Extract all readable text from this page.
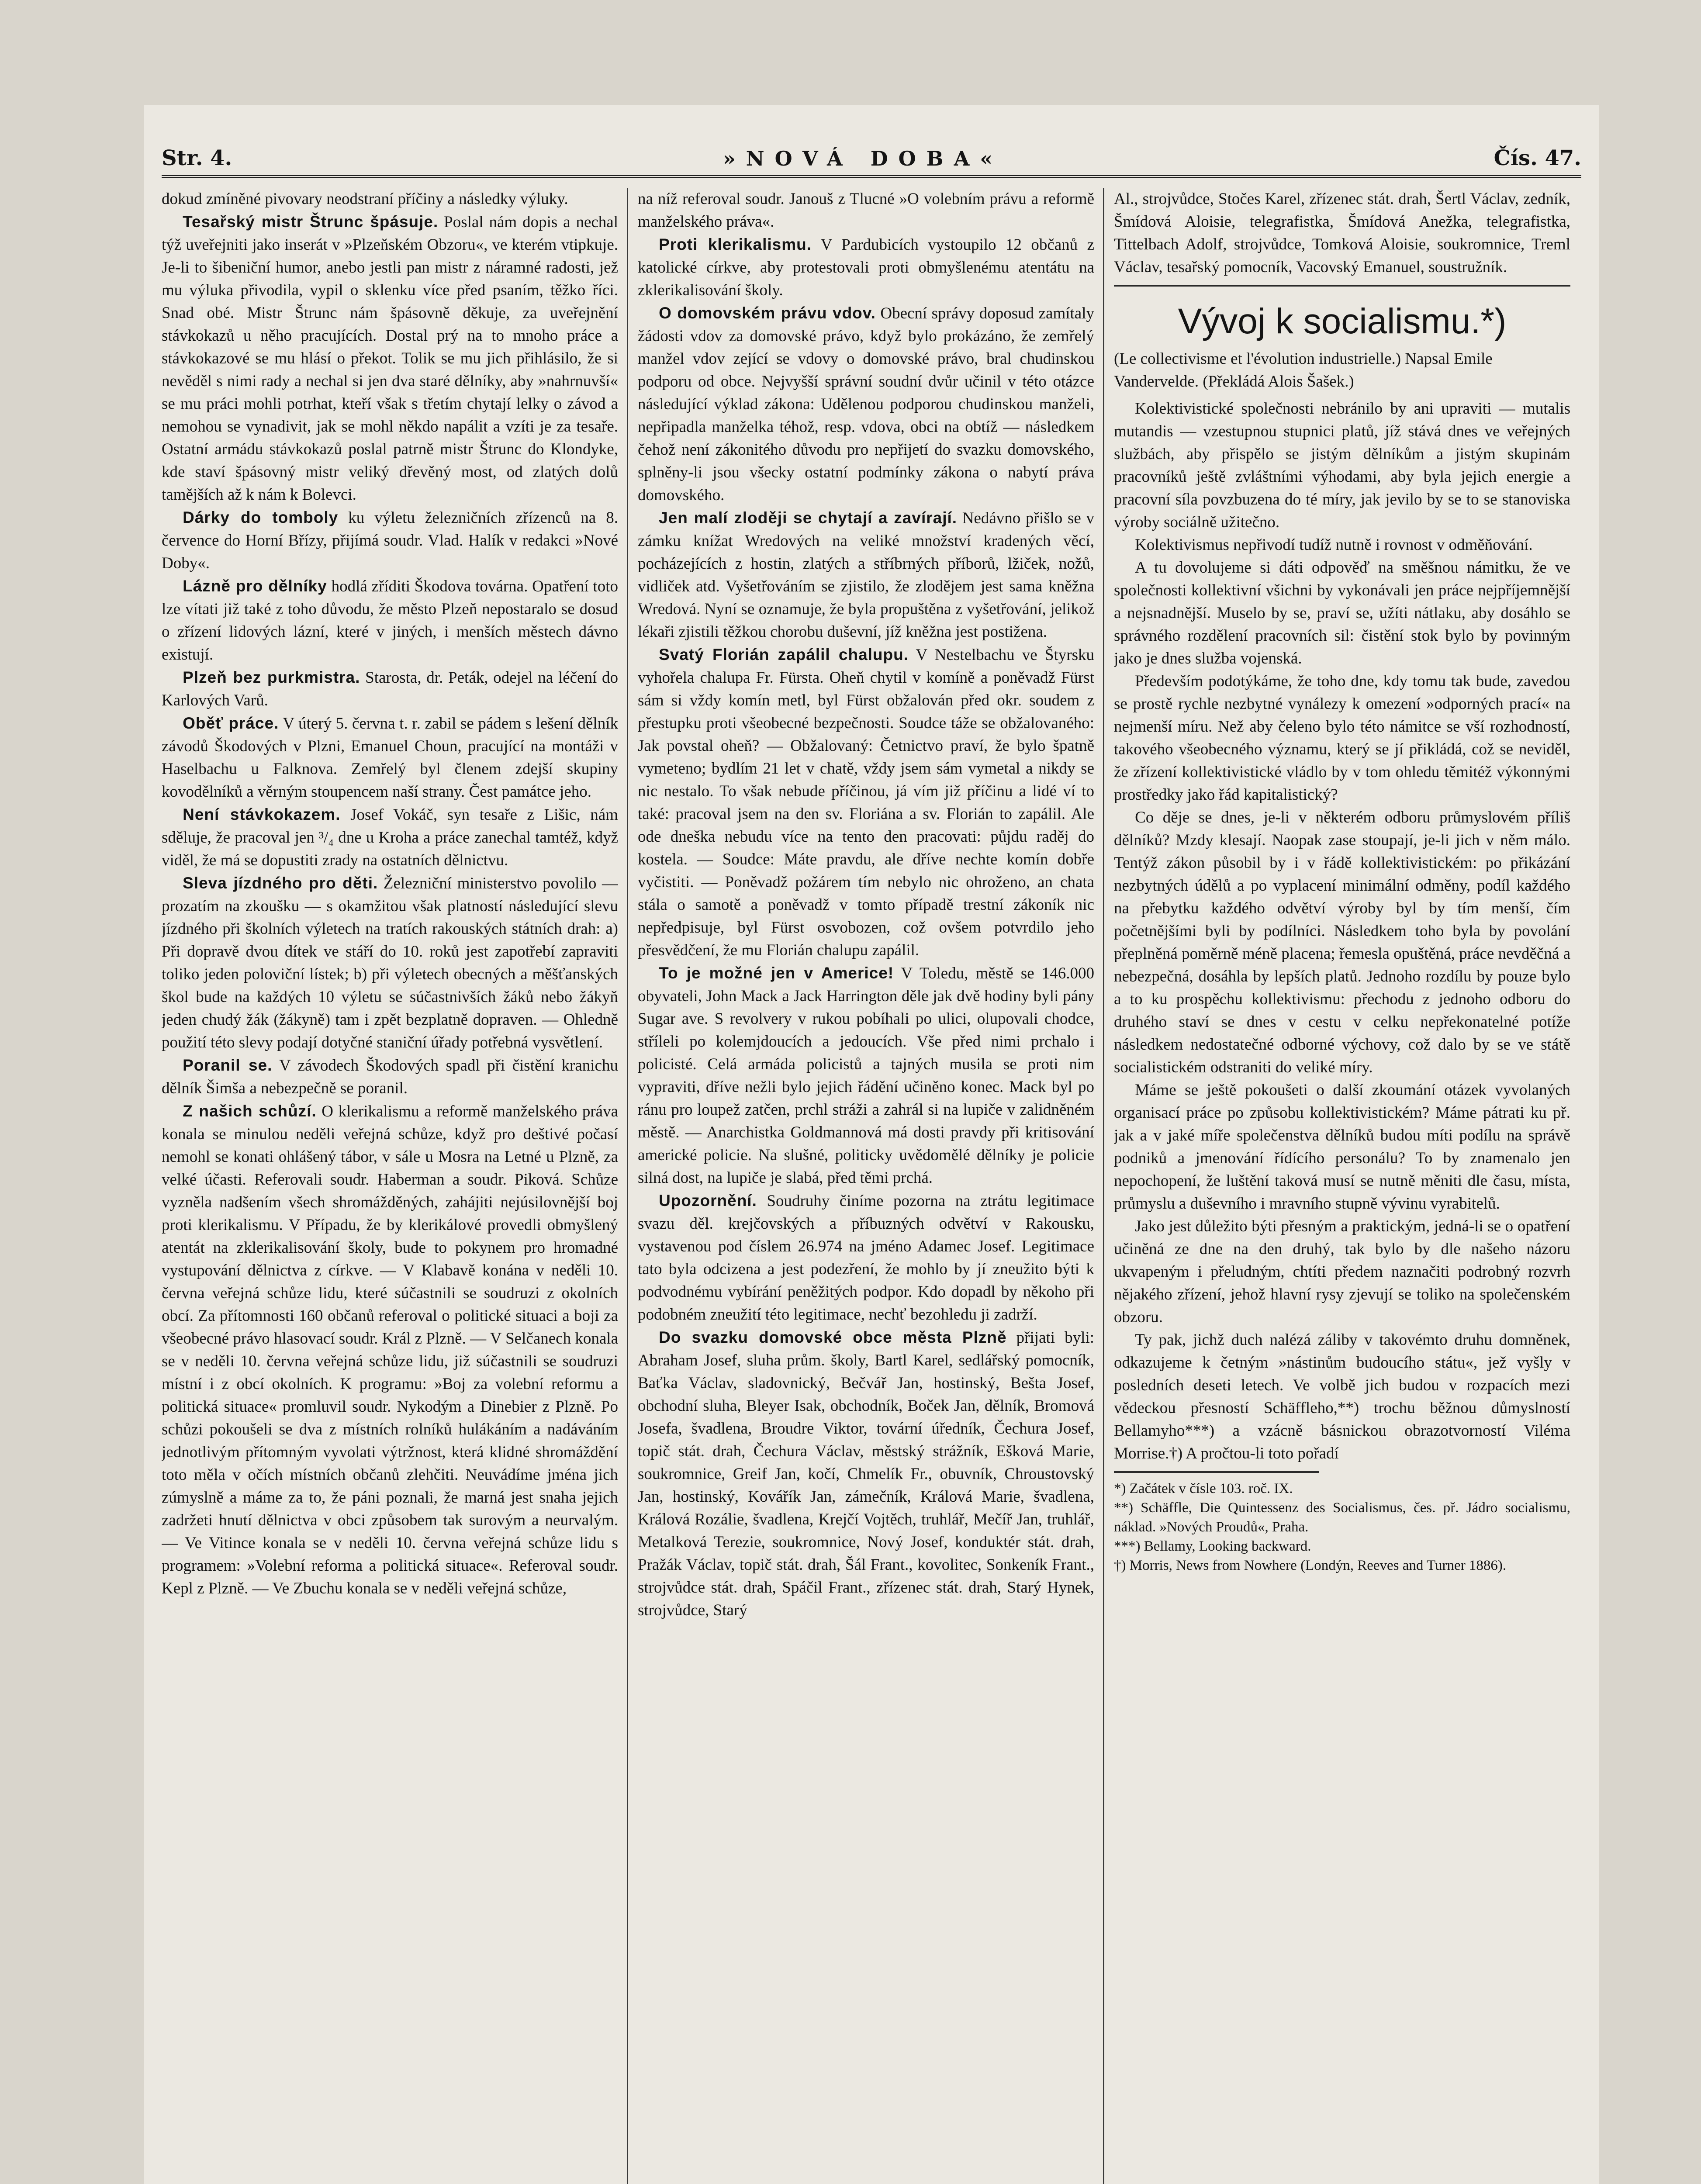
Str. 4.	»NOVÁ DOBA«	Čís. 47.

dokud zmíněné pivovary neodstraní příčiny a následky výluky.

Tesařský mistr Štrunc špásuje. Poslal nám dopis a nechal týž uveřejniti jako inserát v »Plzeňském Obzoru«, ve kterém vtipkuje. Je-li to šibeniční humor, anebo jestli pan mistr z náramné radosti, jež mu výluka přivodila, vypil o sklenku více před psaním, těžko říci. Snad obé. Mistr Štrunc nám špásovně děkuje, za uveřejnění stávkokazů u něho pracujících. Dostal prý na to mnoho práce a stávkokazové se mu hlásí o překot. Tolik se mu jich přihlásilo, že si nevěděl s nimi rady a nechal si jen dva staré dělníky, aby »nahrnuvší« se mu práci mohli potrhat, kteří však s třetím chytají lelky o závod a nemohou se vynadivit, jak se mohl někdo napálit a vzíti je za tesaře. Ostatní armádu stávkokazů poslal patrně mistr Štrunc do Klondyke, kde staví špásovný mistr veliký dřevěný most, od zlatých dolů tamějších až k nám k Bolevci.

Dárky do tomboly ku výletu železničních zřízenců na 8. července do Horní Břízy, přijímá soudr. Vlad. Halík v redakci »Nové Doby«.

Lázně pro dělníky hodlá zříditi Škodova továrna. Opatření toto lze vítati již také z toho důvodu, že město Plzeň nepostaralo se dosud o zřízení lidových lázní, které v jiných, i menších městech dávno existují.

Plzeň bez purkmistra. Starosta, dr. Peták, odejel na léčení do Karlových Varů.

Oběť práce. V úterý 5. června t. r. zabil se pádem s lešení dělník závodů Škodových v Plzni, Emanuel Choun, pracující na montáži v Haselbachu u Falknova. Zemřelý byl členem zdejší skupiny kovodělníků a věrným stoupencem naší strany. Čest památce jeho.

Není stávkokazem. Josef Vokáč, syn tesaře z Lišic, nám sděluje, že pracoval jen ³/₄ dne u Kroha a práce zanechal tamtéž, když viděl, že má se dopustiti zrady na ostatních dělnictvu.

Sleva jízdného pro děti. Železniční ministerstvo povolilo — prozatím na zkoušku — s okamžitou však platností následující slevu jízdného při školních výletech na tratích rakouských státních drah: a) Při dopravě dvou dítek ve stáří do 10. roků jest zapotřebí zapraviti toliko jeden poloviční lístek; b) při výletech obecných a měšťanských škol bude na každých 10 výletu se súčastnivších žáků nebo žákyň jeden chudý žák (žákyně) tam i zpět bezplatně dopraven. — Ohledně použití této slevy podají dotyčné staniční úřady potřebná vysvětlení.

Poranil se. V závodech Škodových spadl při čistění kranichu dělník Šimša a nebezpečně se poranil.

Z našich schůzí. O klerikalismu a reformě manželského práva konala se minulou neděli veřejná schůze, když pro deštivé počasí nemohl se konati ohlášený tábor, v sále u Mosra na Letné u Plzně, za velké účasti. Referovali soudr. Haberman a soudr. Piková. Schůze vyzněla nadšením všech shromážděných, zahájiti nejúsilovnější boj proti klerikalismu. V Případu, že by klerikálové provedli obmyšlený atentát na zklerikalisování školy, bude to pokynem pro hromadné vystupování dělnictva z církve. — V Klabavě konána v neděli 10. června veřejná schůze lidu, které súčastnili se soudruzi z okolních obcí. Za přítomnosti 160 občanů referoval o politické situaci a boji za všeobecné právo hlasovací soudr. Král z Plzně. — V Selčanech konala se v neděli 10. června veřejná schůze lidu, již súčastnili se soudruzi místní i z obcí okolních. K programu: »Boj za volební reformu a politická situace« promluvil soudr. Nykodým a Dinebier z Plzně. Po schůzi pokoušeli se dva z místních rolníků hulákáním a nadáváním jednotlivým přítomným vyvolati výtržnost, která klidné shromáždění toto měla v očích místních občanů zlehčiti. Neuvádíme jména jich zúmyslně a máme za to, že páni poznali, že marná jest snaha jejich zadržeti hnutí dělnictva v obci způsobem tak surovým a neurvalým. — Ve Vitince konala se v neděli 10. června veřejná schůze lidu s programem: »Volební reforma a politická situace«. Referoval soudr. Kepl z Plzně. — Ve Zbuchu konala se v neděli veřejná schůze,

na níž referoval soudr. Janouš z Tlucné »O volebním právu a reformě manželského práva«.

Proti klerikalismu. V Pardubicích vystoupilo 12 občanů z katolické církve, aby protestovali proti obmyšlenému atentátu na zklerikalisování školy.

O domovském právu vdov. Obecní správy doposud zamítaly žádosti vdov za domovské právo, když bylo prokázáno, že zemřelý manžel vdov zející se vdovy o domovské právo, bral chudinskou podporu od obce. Nejvyšší správní soudní dvůr učinil v této otázce následující výklad zákona: Udělenou podporou chudinskou manželi, nepřipadla manželka téhož, resp. vdova, obci na obtíž — následkem čehož není zákonitého důvodu pro nepřijetí do svazku domovského, splněny-li jsou všecky ostatní podmínky zákona o nabytí práva domovského.

Jen malí zloději se chytají a zavírají. Nedávno přišlo se v zámku knížat Wredových na veliké množství kradených věcí, pocházejících z hostin, zlatých a stříbrných příborů, lžiček, nožů, vidliček atd. Vyšetřováním se zjistilo, že zlodějem jest sama kněžna Wredová. Nyní se oznamuje, že byla propuštěna z vyšetřování, jelikož lékaři zjistili těžkou chorobu duševní, jíž kněžna jest postižena.

Svatý Florián zapálil chalupu. V Nestelbachu ve Štyrsku vyhořela chalupa Fr. Fürsta. Oheň chytil v komíně a poněvadž Fürst sám si vždy komín metl, byl Fürst obžalován před okr. soudem z přestupku proti všeobecné bezpečnosti. Soudce táže se obžalovaného: Jak povstal oheň? — Obžalovaný: Četnictvo praví, že bylo špatně vymeteno; bydlím 21 let v chatě, vždy jsem sám vymetal a nikdy se nic nestalo. To však nebude příčinou, já vím již příčinu a lidé ví to také: pracoval jsem na den sv. Floriána a sv. Florián to zapálil. Ale ode dneška nebudu více na tento den pracovati: půjdu raděj do kostela. — Soudce: Máte pravdu, ale dříve nechte komín dobře vyčistiti. — Poněvadž požárem tím nebylo nic ohroženo, an chata stála o samotě a poněvadž v tomto případě trestní zákoník nic nepředpisuje, byl Fürst osvobozen, což ovšem potvrdilo jeho přesvědčení, že mu Florián chalupu zapálil.

To je možné jen v Americe! V Toledu, městě se 146.000 obyvateli, John Mack a Jack Harrington děle jak dvě hodiny byli pány Sugar ave. S revolvery v rukou pobíhali po ulici, olupovali chodce, stříleli po kolemjdoucích a jedoucích. Vše před nimi prchalo i policisté. Celá armáda policistů a tajných musila se proti nim vypraviti, dříve nežli bylo jejich řádění učiněno konec. Mack byl po ránu pro loupež zatčen, prchl stráži a zahrál si na lupiče v zalidněném městě. — Anarchistka Goldmannová má dosti pravdy při kritisování americké policie. Na slušné, politicky uvědomělé dělníky je policie silná dost, na lupiče je slabá, před těmi prchá.

Upozornění. Soudruhy činíme pozorna na ztrátu legitimace svazu děl. krejčovských a příbuzných odvětví v Rakousku, vystavenou pod číslem 26.974 na jméno Adamec Josef. Legitimace tato byla odcizena a jest podezření, že mohlo by jí zneužito býti k podvodnému vybírání peněžitých podpor. Kdo dopadl by někoho při podobném zneužití této legitimace, nechť bezohledu ji zadrží.

Do svazku domovské obce města Plzně přijati byli: Abraham Josef, sluha prům. školy, Bartl Karel, sedlářský pomocník, Baťka Václav, sladovnický, Bečvář Jan, hostinský, Bešta Josef, obchodní sluha, Bleyer Isak, obchodník, Boček Jan, dělník, Bromová Josefa, švadlena, Broudre Viktor, tovární úředník, Čechura Josef, topič stát. drah, Čechura Václav, městský strážník, Ešková Marie, soukromnice, Greif Jan, kočí, Chmelík Fr., obuvník, Chroustovský Jan, hostinský, Kovářík Jan, zámečník, Králová Marie, švadlena, Králová Rozálie, švadlena, Krejčí Vojtěch, truhlář, Mečíř Jan, truhlář, Metalková Terezie, soukromnice, Nový Josef, konduktér stát. drah, Pražák Václav, topič stát. drah, Šál Frant., kovolitec, Sonkeník Frant., strojvůdce stát. drah, Spáčil Frant., zřízenec stát. drah, Starý Hynek, strojvůdce, Starý

Al., strojvůdce, Stočes Karel, zřízenec stát. drah, Šertl Václav, zedník, Šmídová Aloisie, telegrafistka, Šmídová Anežka, telegrafistka, Tittelbach Adolf, strojvůdce, Tomková Aloisie, soukromnice, Treml Václav, tesařský pomocník, Vacovský Emanuel, soustružník.

Vývoj k socialismu.*)

(Le collectivisme et l'évolution industrielle.) Napsal Emile Vandervelde. (Překládá Alois Šašek.)

Kolektivistické společnosti nebránilo by ani upraviti — mutalis mutandis — vzestupnou stupnici platů, jíž stává dnes ve veřejných službách, aby přispělo se jistým dělníkům a jistým skupinám pracovníků ještě zvláštními výhodami, aby byla jejich energie a pracovní síla povzbuzena do té míry, jak jevilo by se to se stanoviska výroby sociálně užitečno.

Kolektivismus nepřivodí tudíž nutně i rovnost v odměňování.

A tu dovolujeme si dáti odpověď na směšnou námitku, že ve společnosti kollektivní všichni by vykonávali jen práce nejpříjemnější a nejsnadnější. Muselo by se, praví se, užíti nátlaku, aby dosáhlo se správného rozdělení pracovních sil: čistění stok bylo by povinným jako je dnes služba vojenská.

Především podotýkáme, že toho dne, kdy tomu tak bude, zavedou se prostě rychle nezbytné vynálezy k omezení »odporných prací« na nejmenší míru. Než aby čeleno bylo této námitce se vší rozhodností, takového všeobecného významu, který se jí přikládá, což se neviděl, že zřízení kollektivistické vládlo by v tom ohledu těmitéž výkonnými prostředky jako řád kapitalistický?

Co děje se dnes, je-li v některém odboru průmyslovém příliš dělníků? Mzdy klesají. Naopak zase stoupají, je-li jich v něm málo. Tentýž zákon působil by i v řádě kollektivistickém: po přikázání nezbytných údělů a po vyplacení minimální odměny, podíl každého na přebytku každého odvětví výroby byl by tím menší, čím početnějšími byli by podílníci. Následkem toho byla by povolání přeplněná poměrně méně placena; řemesla opuštěná, práce nevděčná a nebezpečná, dosáhla by lepších platů. Jednoho rozdílu by pouze bylo a to ku prospěchu kollektivismu: přechodu z jednoho odboru do druhého staví se dnes v cestu v celku nepřekonatelné potíže následkem nedostatečné odborné výchovy, což dalo by se ve státě socialistickém odstraniti do veliké míry.

Máme se ještě pokoušeti o další zkoumání otázek vyvolaných organisací práce po způsobu kollektivistickém? Máme pátrati ku př. jak a v jaké míře společenstva dělníků budou míti podílu na správě podniků a jmenování řídícího personálu? To by znamenalo jen nepochopení, že luštění taková musí se nutně měniti dle času, místa, průmyslu a duševního i mravního stupně vývinu vyrabitelů.

Jako jest důležito býti přesným a praktickým, jedná-li se o opatření učiněná ze dne na den druhý, tak bylo by dle našeho názoru ukvapeným i přeludným, chtíti předem naznačiti podrobný rozvrh nějakého zřízení, jehož hlavní rysy zjevují se toliko na společenském obzoru.

Ty pak, jichž duch nalézá záliby v takovémto druhu domněnek, odkazujeme k četným »nástinům budoucího státu«, jež vyšly v posledních deseti letech. Ve volbě jich budou v rozpacích mezi vědeckou přesností Schäffleho,**) trochu běžnou důmyslností Bellamyho***) a vzácně básnickou obrazotvorností Viléma Morrise.†) A pročtou-li toto pořadí

*) Začátek v čísle 103. roč. IX.

**) Schäffle, Die Quintessenz des Socialismus, čes. př. Jádro socialismu, náklad. »Nových Proudů«, Praha.

***) Bellamy, Looking backward.

†) Morris, News from Nowhere (Londýn, Reeves and Turner 1886).
